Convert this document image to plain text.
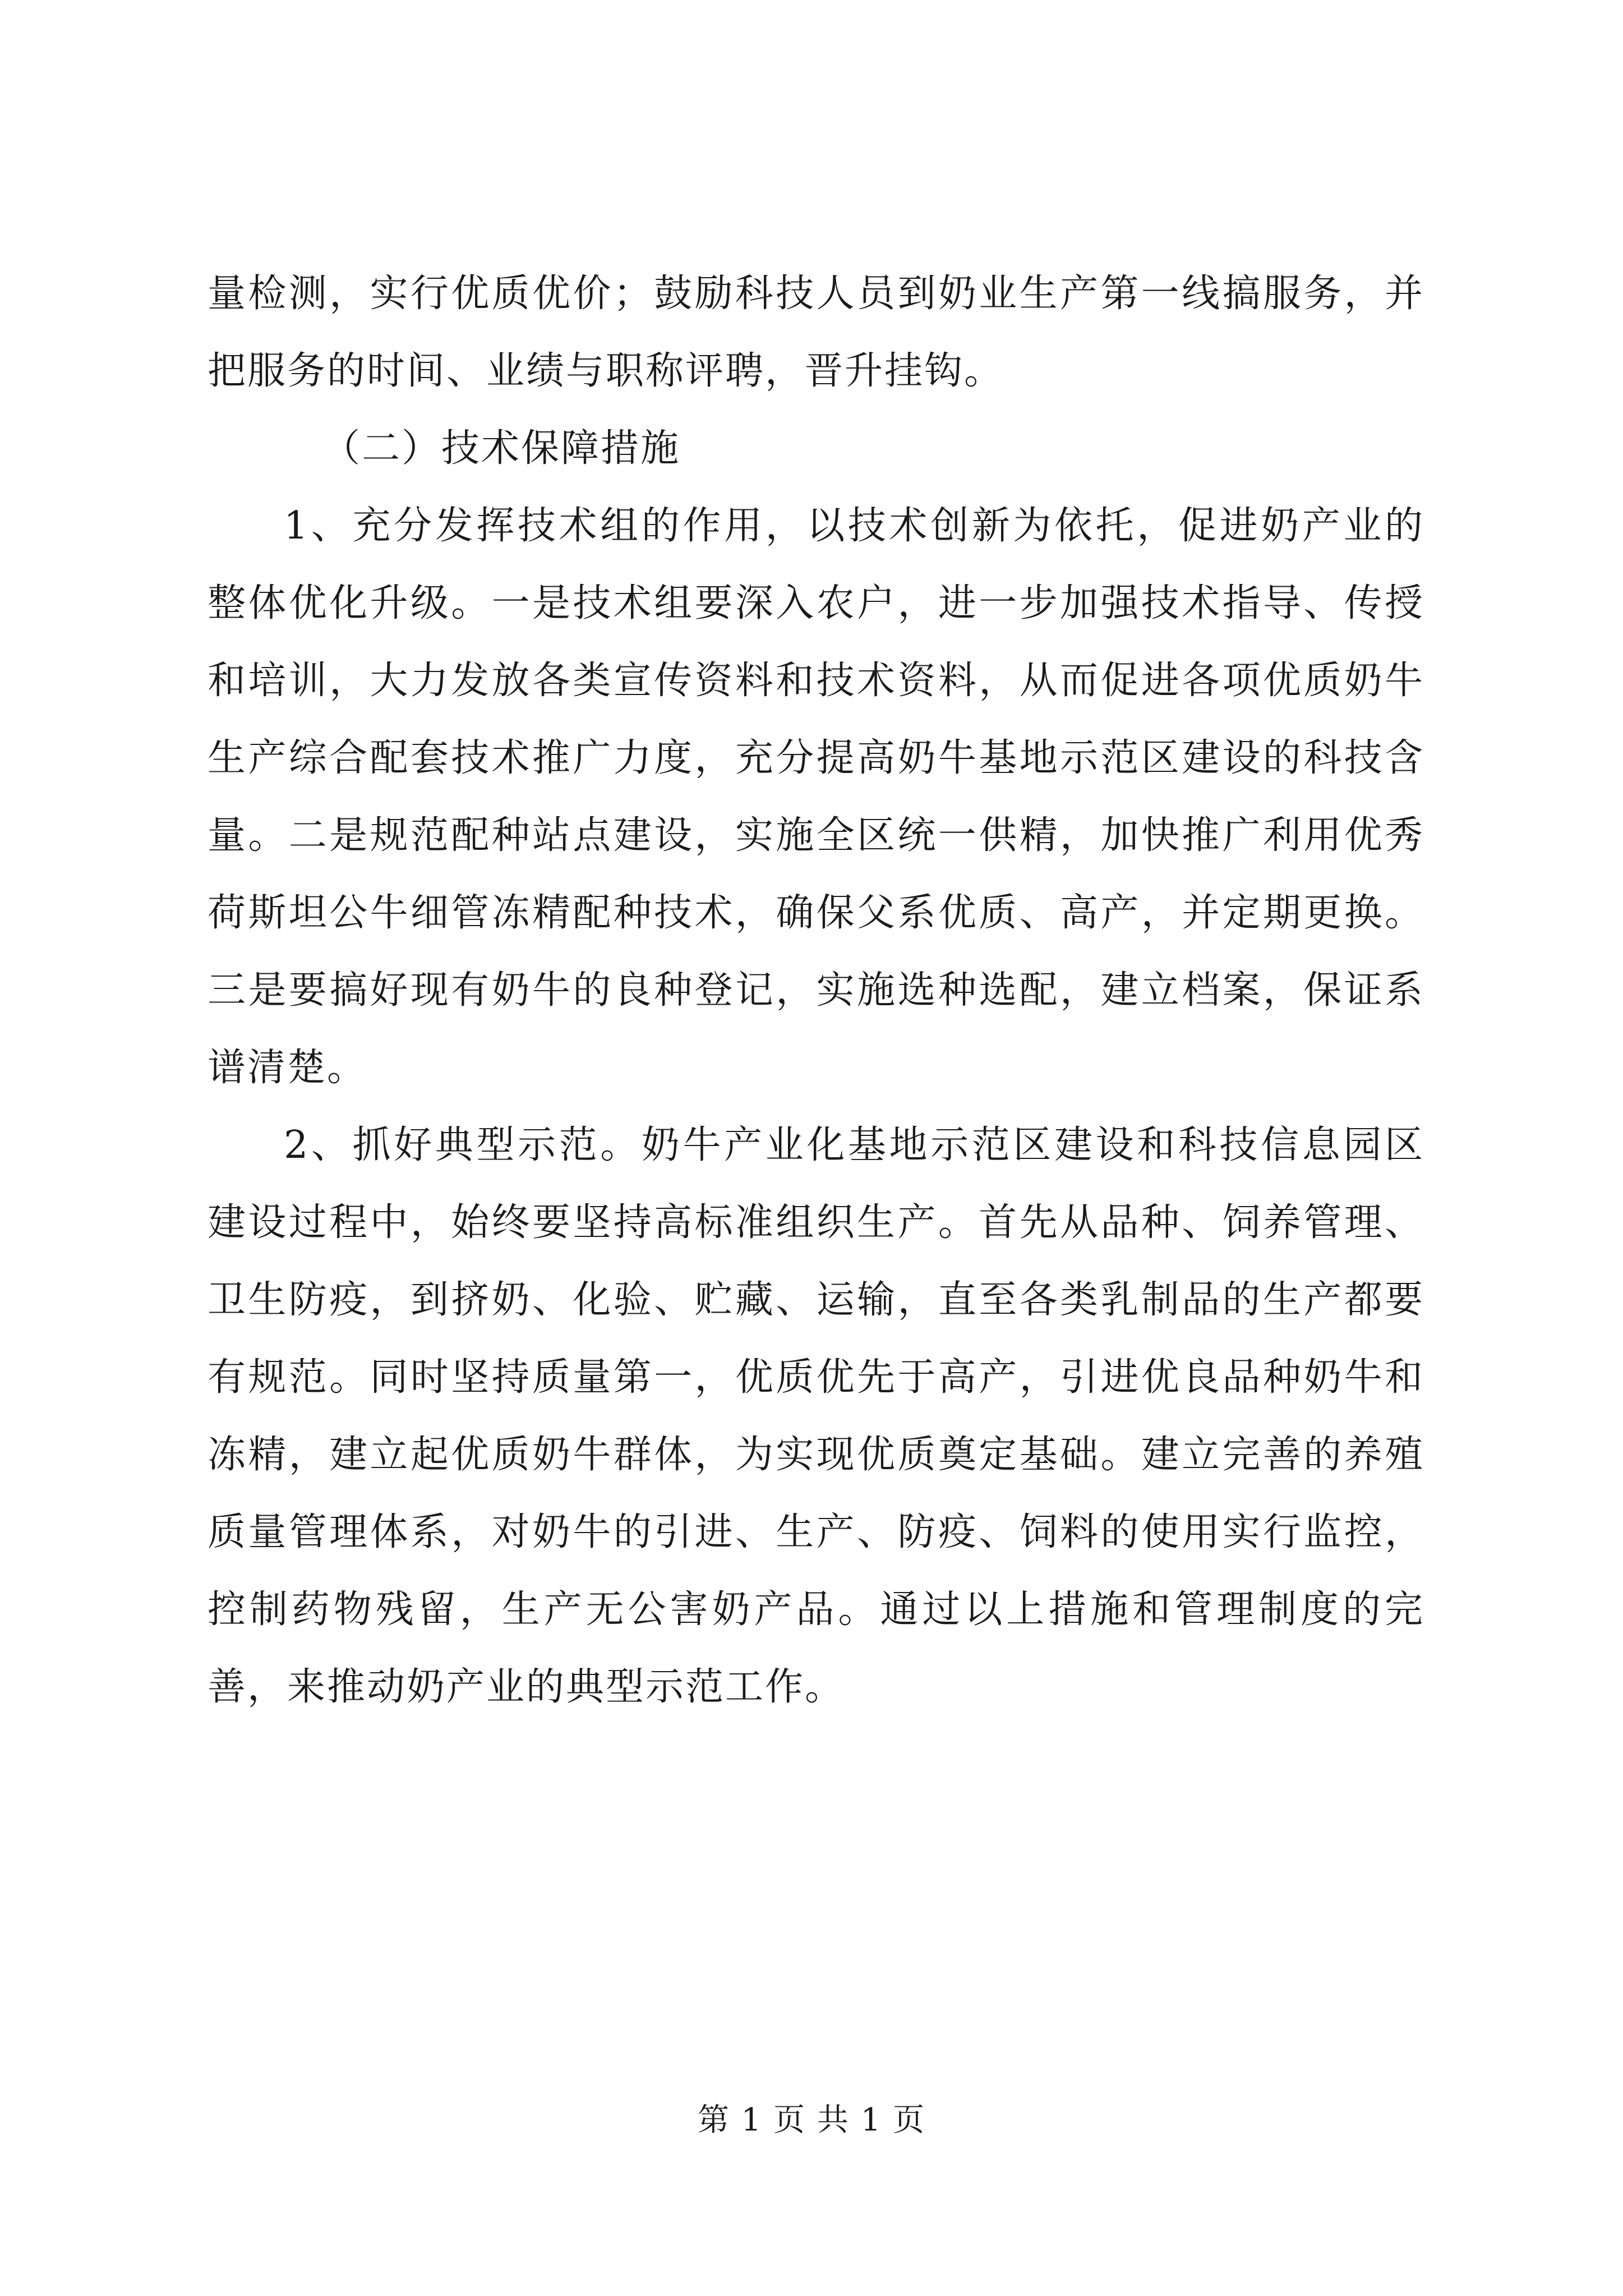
量检测，实行优质优价；鼓励科技人员到奶业生产第一线搞服务，并把服务的时间、业绩与职称评聘，晋升挂钩。

（二）技术保障措施

1、充分发挥技术组的作用，以技术创新为依托，促进奶产业的整体优化升级。一是技术组要深入农户，进一步加强技术指导、传授和培训，大力发放各类宣传资料和技术资料，从而促进各项优质奶牛生产综合配套技术推广力度，充分提高奶牛基地示范区建设的科技含量。二是规范配种站点建设，实施全区统一供精，加快推广利用优秀荷斯坦公牛细管冻精配种技术，确保父系优质、高产，并定期更换。三是要搞好现有奶牛的良种登记，实施选种选配，建立档案，保证系谱清楚。

2、抓好典型示范。奶牛产业化基地示范区建设和科技信息园区建设过程中，始终要坚持高标准组织生产。首先从品种、饲养管理、卫生防疫，到挤奶、化验、贮藏、运输，直至各类乳制品的生产都要有规范。同时坚持质量第一，优质优先于高产，引进优良品种奶牛和冻精，建立起优质奶牛群体，为实现优质奠定基础。建立完善的养殖质量管理体系，对奶牛的引进、生产、防疫、饲料的使用实行监控，控制药物残留，生产无公害奶产品。通过以上措施和管理制度的完善，来推动奶产业的典型示范工作。

第 1 页 共 1 页
